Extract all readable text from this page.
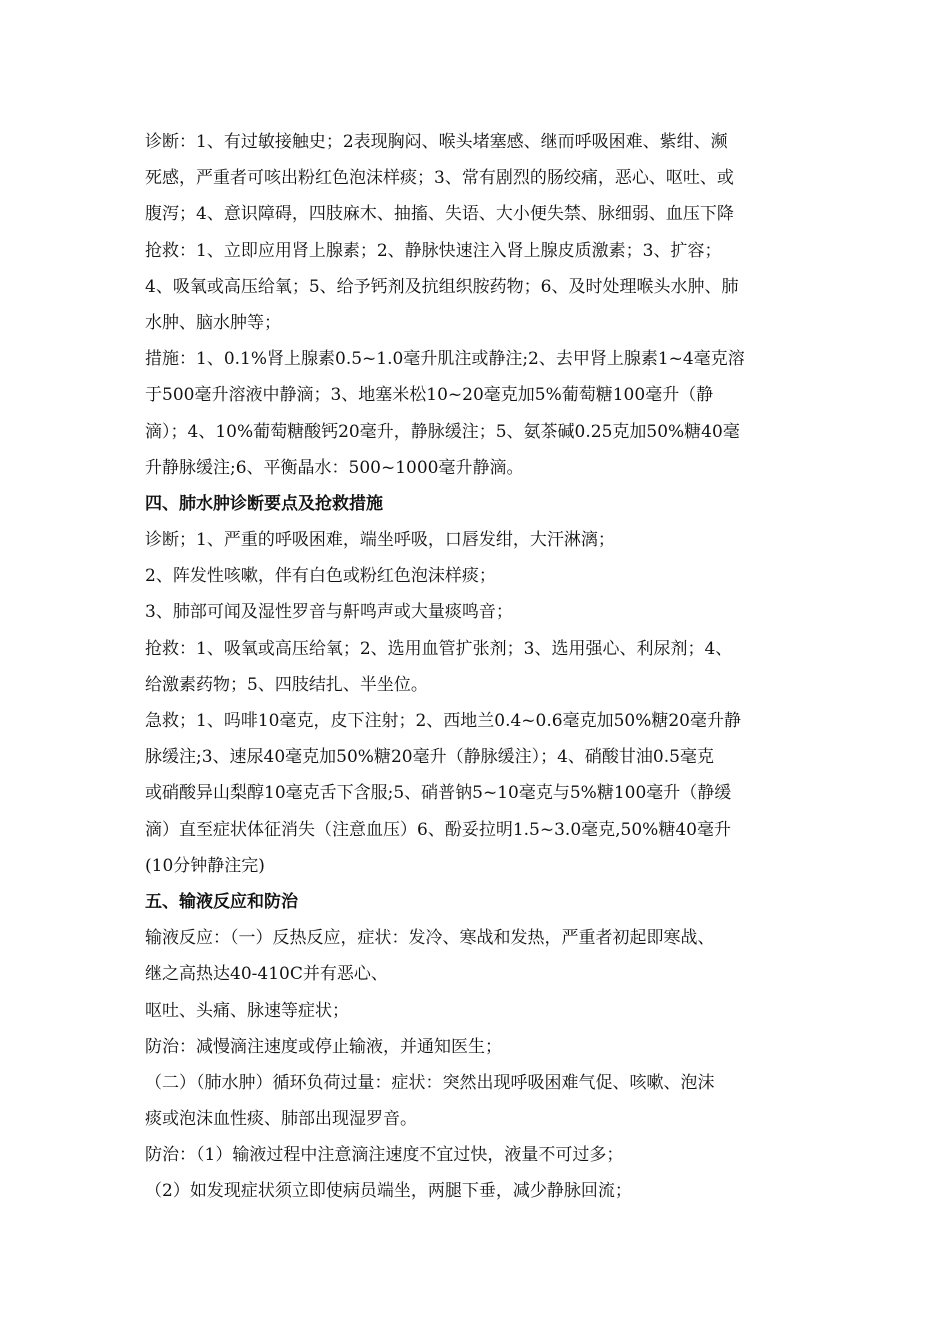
诊断：1、有过敏接触史；2表现胸闷、喉头堵塞感、继而呼吸困难、紫绀、濒
死感，严重者可咳出粉红色泡沫样痰；3、常有剧烈的肠绞痛，恶心、呕吐、或
腹泻；4、意识障碍，四肢麻木、抽搐、失语、大小便失禁、脉细弱、血压下降
抢救：1、立即应用肾上腺素；2、静脉快速注入肾上腺皮质激素；3、扩容；
4、吸氧或高压给氧；5、给予钙剂及抗组织胺药物；6、及时处理喉头水肿、肺
水肿、脑水肿等；
措施：1、0.1%肾上腺素0.5~1.0毫升肌注或静注;2、去甲肾上腺素1~4毫克溶
于500毫升溶液中静滴；3、地塞米松10~20毫克加5%葡萄糖100毫升（静
滴）；4、10%葡萄糖酸钙20毫升，静脉缓注；5、氨茶碱0.25克加50%糖40毫
升静脉缓注;6、平衡晶水：500~1000毫升静滴。
四、肺水肿诊断要点及抢救措施
诊断；1、严重的呼吸困难，端坐呼吸，口唇发绀，大汗淋漓；
2、阵发性咳嗽，伴有白色或粉红色泡沫样痰；
3、肺部可闻及湿性罗音与鼾鸣声或大量痰鸣音；
抢救：1、吸氧或高压给氧；2、选用血管扩张剂；3、选用强心、利尿剂；4、
给激素药物；5、四肢结扎、半坐位。
急救；1、吗啡10毫克，皮下注射；2、西地兰0.4~0.6毫克加50%糖20毫升静
脉缓注;3、速尿40毫克加50%糖20毫升（静脉缓注）；4、硝酸甘油0.5毫克
或硝酸异山梨醇10毫克舌下含服;5、硝普钠5~10毫克与5%糖100毫升（静缓
滴）直至症状体征消失（注意血压）6、酚妥拉明1.5~3.0毫克,50%糖40毫升
(10分钟静注完)
五、输液反应和防治
输液反应：（一）反热反应，症状：发冷、寒战和发热，严重者初起即寒战、
继之高热达40-410C并有恶心、
呕吐、头痛、脉速等症状；
防治：减慢滴注速度或停止输液，并通知医生；
（二）（肺水肿）循环负荷过量：症状：突然出现呼吸困难气促、咳嗽、泡沫
痰或泡沫血性痰、肺部出现湿罗音。
防治：（1）输液过程中注意滴注速度不宜过快，液量不可过多；
（2）如发现症状须立即使病员端坐，两腿下垂，减少静脉回流；
